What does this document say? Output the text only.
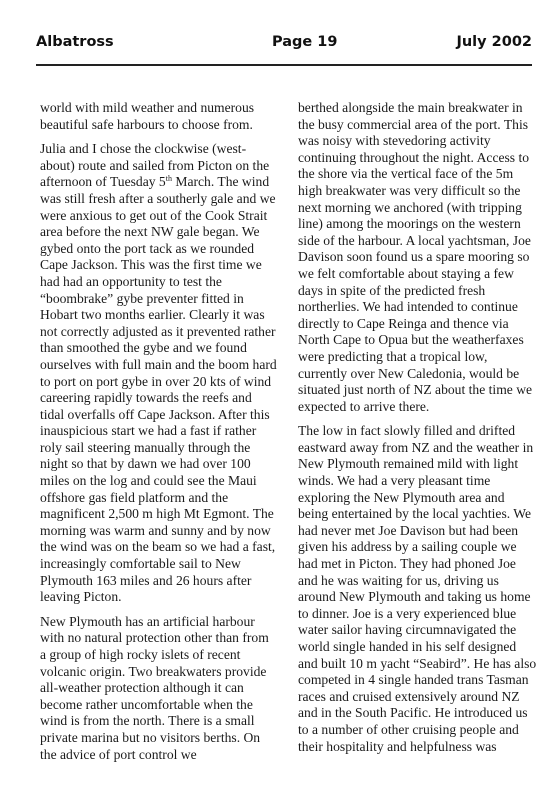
Albatross	Page 19	July 2002

world with mild weather and numerous beautiful safe harbours to choose from.

Julia and I chose the clockwise (west-about) route and sailed from Picton on the afternoon of Tuesday 5th March. The wind was still fresh after a southerly gale and we were anxious to get out of the Cook Strait area before the next NW gale began. We gybed onto the port tack as we rounded Cape Jackson. This was the first time we had had an opportunity to test the “boombrake” gybe preventer fitted in Hobart two months earlier. Clearly it was not correctly adjusted as it prevented rather than smoothed the gybe and we found ourselves with full main and the boom hard to port on port gybe in over 20 kts of wind careering rapidly towards the reefs and tidal overfalls off Cape Jackson. After this inauspicious start we had a fast if rather roly sail steering manually through the night so that by dawn we had over 100 miles on the log and could see the Maui offshore gas field platform and the magnificent 2,500 m high Mt Egmont. The morning was warm and sunny and by now the wind was on the beam so we had a fast, increasingly comfortable sail to New Plymouth 163 miles and 26 hours after leaving Picton.

New Plymouth has an artificial harbour with no natural protection other than from a group of high rocky islets of recent volcanic origin. Two breakwaters provide all-weather protection although it can become rather uncomfortable when the wind is from the north. There is a small private marina but no visitors berths. On the advice of port control we

berthed alongside the main breakwater in the busy commercial area of the port. This was noisy with stevedoring activity continuing throughout the night. Access to the shore via the vertical face of the 5m high breakwater was very difficult so the next morning we anchored (with tripping line) among the moorings on the western side of the harbour. A local yachtsman, Joe Davison soon found us a spare mooring so we felt comfortable about staying a few days in spite of the predicted fresh northerlies. We had intended to continue directly to Cape Reinga and thence via North Cape to Opua but the weatherfaxes were predicting that a tropical low, currently over New Caledonia, would be situated just north of NZ about the time we expected to arrive there.

The low in fact slowly filled and drifted eastward away from NZ and the weather in New Plymouth remained mild with light winds. We had a very pleasant time exploring the New Plymouth area and being entertained by the local yachties. We had never met Joe Davison but had been given his address by a sailing couple we had met in Picton. They had phoned Joe and he was waiting for us, driving us around New Plymouth and taking us home to dinner. Joe is a very experienced blue water sailor having circumnavigated the world single handed in his self designed and built 10 m yacht “Seabird”. He has also competed in 4 single handed trans Tasman races and cruised extensively around NZ and in the South Pacific. He introduced us to a number of other cruising people and their hospitality and helpfulness was
